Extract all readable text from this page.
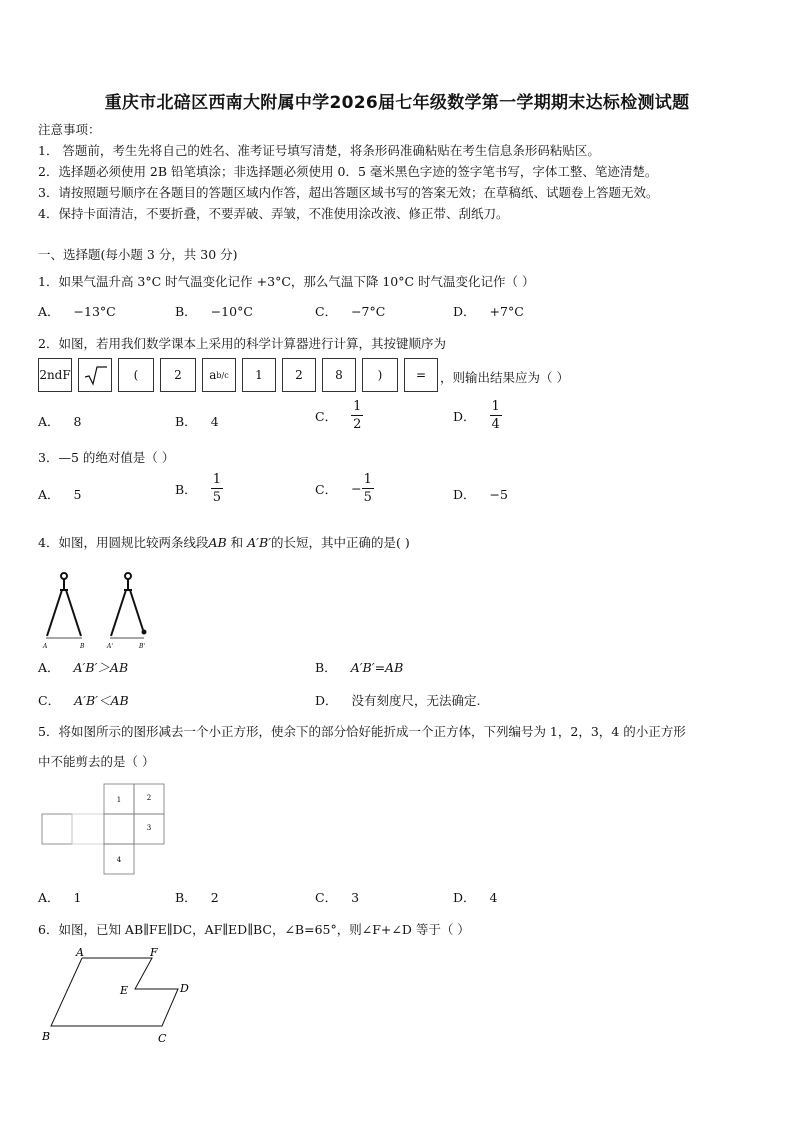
重庆市北碚区西南大附属中学2026届七年级数学第一学期期末达标检测试题
注意事项：
1． 答题前，考生先将自己的姓名、准考证号填写清楚，将条形码准确粘贴在考生信息条形码粘贴区。
2．选择题必须使用 2B 铅笔填涂；非选择题必须使用 0．5 毫米黑色字迹的签字笔书写，字体工整、笔迹清楚。
3．请按照题号顺序在各题目的答题区域内作答，超出答题区域书写的答案无效；在草稿纸、试题卷上答题无效。
4．保持卡面清洁，不要折叠，不要弄破、弄皱，不准使用涂改液、修正带、刮纸刀。
一、选择题(每小题 3 分，共 30 分)
1．如果气温升高 3°C 时气温变化记作 +3°C，那么气温下降 10°C 时气温变化记作（ ）
A． −13°C	B． −10°C	C． −7°C	D． +7°C
2．如图，若用我们数学课本上采用的科学计算器进行计算，其按键顺序为
2ndF	(	2	a b/c	1	2	8	)	=	，则输出结果应为（ ）
A． 8	B． 4	C． $\frac{1}{2}$	D． $\frac{1}{4}$
3．—5 的绝对值是（ ）
A． 5	B． $\frac{1}{5}$	C． − $\frac{1}{5}$	D． −5
4．如图，用圆规比较两条线段AB 和 A′B′的长短，其中正确的是( )
A	B	A'	B'
A． A′B′＞AB	B． A′B′=AB
C． A′B′＜AB	D． 没有刻度尺，无法确定.
5．将如图所示的图形减去一个小正方形，使余下的部分恰好能折成一个正方体，下列编号为 1，2，3，4 的小正方形
中不能剪去的是（ ）
1	2
3
4
A． 1	B． 2	C． 3	D． 4
6．如图，已知 AB∥FE∥DC，AF∥ED∥BC，∠B=65°，则∠F+∠D 等于（ ）
A	F
E	D
B	C
